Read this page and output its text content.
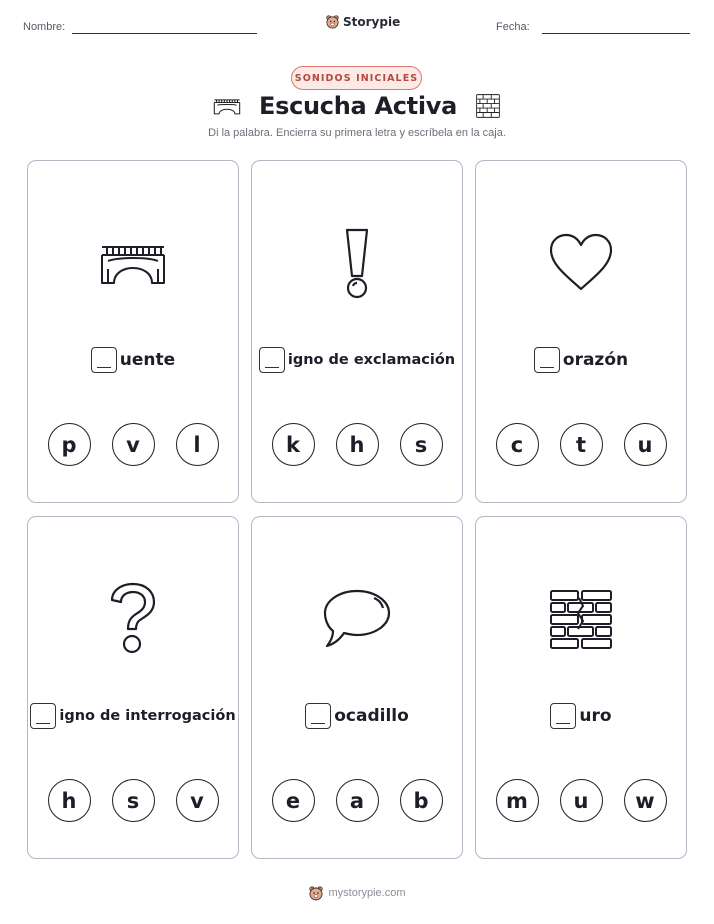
Nombre:	Storypie	Fecha:
SONIDOS INICIALES
Escucha Activa
Di la palabra. Encierra su primera letra y escríbela en la caja.
uente
p	v	l
igno de exclamación
k	h	s
orazón
c	t	u
igno de interrogación
h	s	v
ocadillo
e	a	b
uro
m	u	w
mystorypie.com
